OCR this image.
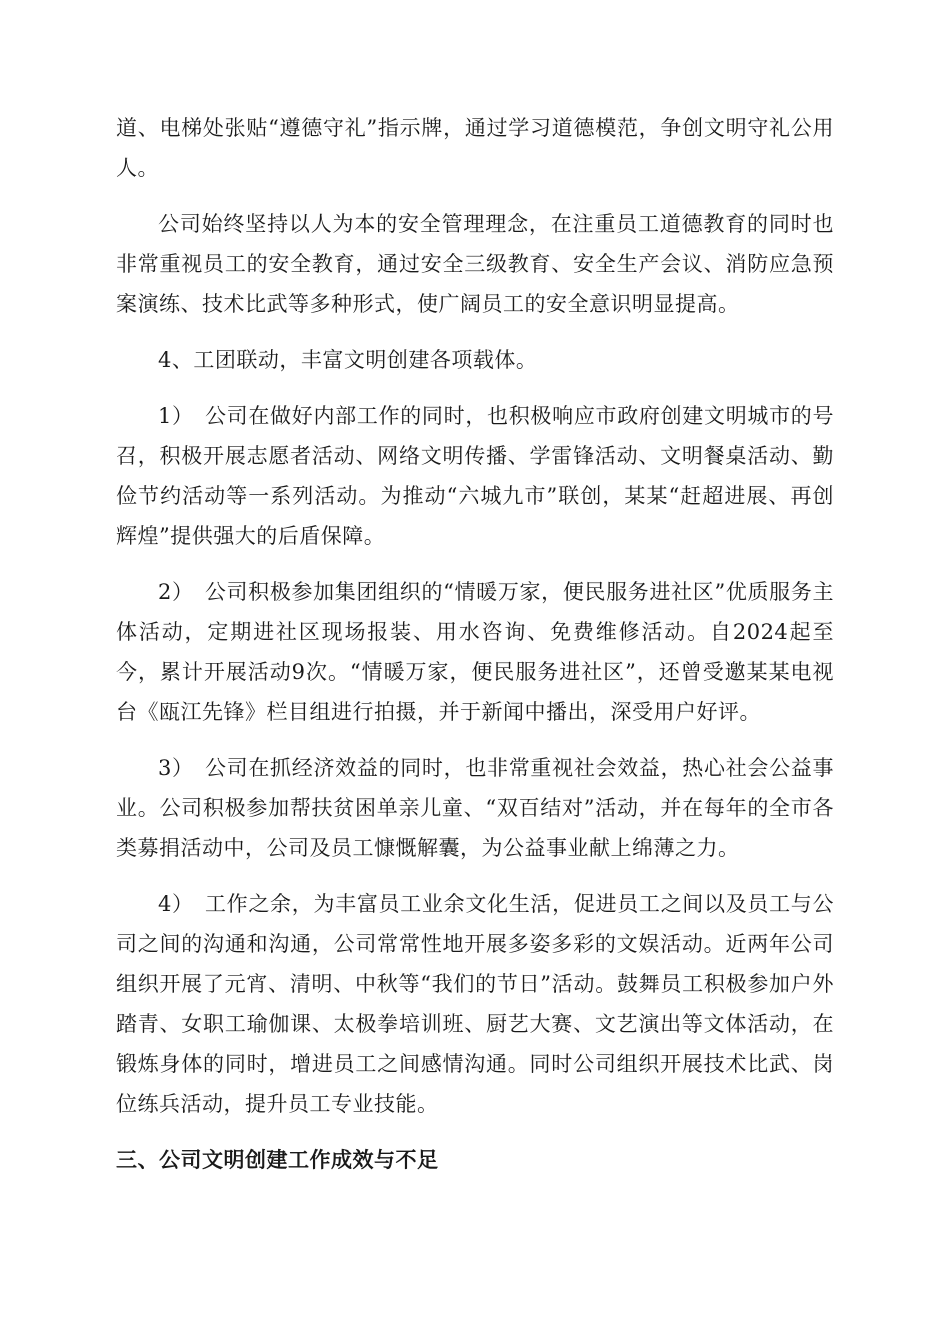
道、电梯处张贴“遵德守礼”指示牌，通过学习道德模范，争创文明守礼公用人。

公司始终坚持以人为本的安全管理理念，在注重员工道德教育的同时也非常重视员工的安全教育，通过安全三级教育、安全生产会议、消防应急预案演练、技术比武等多种形式，使广阔员工的安全意识明显提高。

4、工团联动，丰富文明创建各项载体。

1）　公司在做好内部工作的同时，也积极响应市政府创建文明城市的号召，积极开展志愿者活动、网络文明传播、学雷锋活动、文明餐桌活动、勤俭节约活动等一系列活动。为推动“六城九市”联创，某某“赶超进展、再创辉煌”提供强大的后盾保障。

2）　公司积极参加集团组织的“情暖万家，便民服务进社区”优质服务主体活动，定期进社区现场报装、用水咨询、免费维修活动。自2024起至今，累计开展活动9次。“情暖万家，便民服务进社区”，还曾受邀某某电视台《瓯江先锋》栏目组进行拍摄，并于新闻中播出，深受用户好评。

3）　公司在抓经济效益的同时，也非常重视社会效益，热心社会公益事业。公司积极参加帮扶贫困单亲儿童、“双百结对”活动，并在每年的全市各类募捐活动中，公司及员工慷慨解囊，为公益事业献上绵薄之力。

4）　工作之余，为丰富员工业余文化生活，促进员工之间以及员工与公司之间的沟通和沟通，公司常常性地开展多姿多彩的文娱活动。近两年公司组织开展了元宵、清明、中秋等“我们的节日”活动。鼓舞员工积极参加户外踏青、女职工瑜伽课、太极拳培训班、厨艺大赛、文艺演出等文体活动，在锻炼身体的同时，增进员工之间感情沟通。同时公司组织开展技术比武、岗位练兵活动，提升员工专业技能。

三、公司文明创建工作成效与不足
